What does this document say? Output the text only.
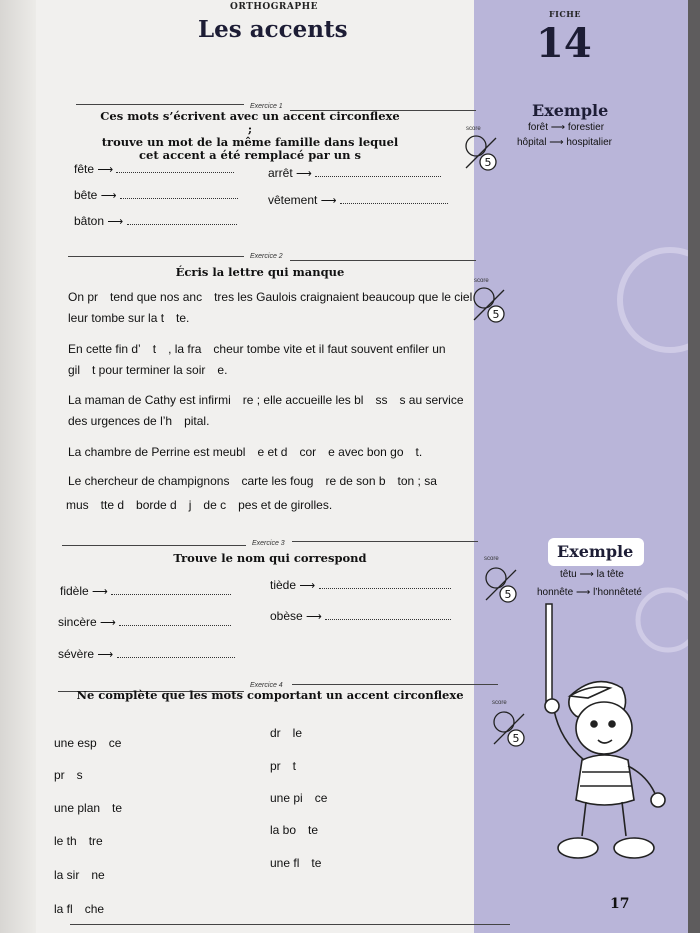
ORTHOGRAPHE
Les accents
FICHE
14
Exercice 1
Ces mots s’écrivent avec un accent circonflexe ;
trouve un mot de la même famille dans lequel
cet accent a été remplacé par un s
fête ⟶	arrêt ⟶
bête ⟶	vêtement ⟶
bâton ⟶
score
5
Exemple
forêt ⟶ forestier
hôpital ⟶ hospitalier
Exercice 2
Écris la lettre qui manque
On pr tend que nos anc tres les Gaulois craignaient beaucoup que le ciel
leur tombe sur la t te.
En cette fin d’ t , la fra cheur tombe vite et il faut souvent enfiler un
gil t pour terminer la soir e.
La maman de Cathy est infirmi re ; elle accueille les bl ss s au service
des urgences de l’h pital.
La chambre de Perrine est meubl e et d cor e avec bon go t.
Le chercheur de champignons carte les foug re de son b ton ; sa
mus tte d borde d j de c pes et de girolles.
score
5
Exercice 3
Trouve le nom qui correspond
fidèle ⟶	tiède ⟶
sincère ⟶	obèse ⟶
sévère ⟶
score
5
Exemple
têtu ⟶ la tête
honnête ⟶ l’honnêteté
Exercice 4
Ne complète que les mots comportant un accent circonflexe
une esp ce
pr s
une plan te
le th tre
la sir ne
la fl che
dr le
pr t
une pi ce
la bo te
une fl te
score
5
17
